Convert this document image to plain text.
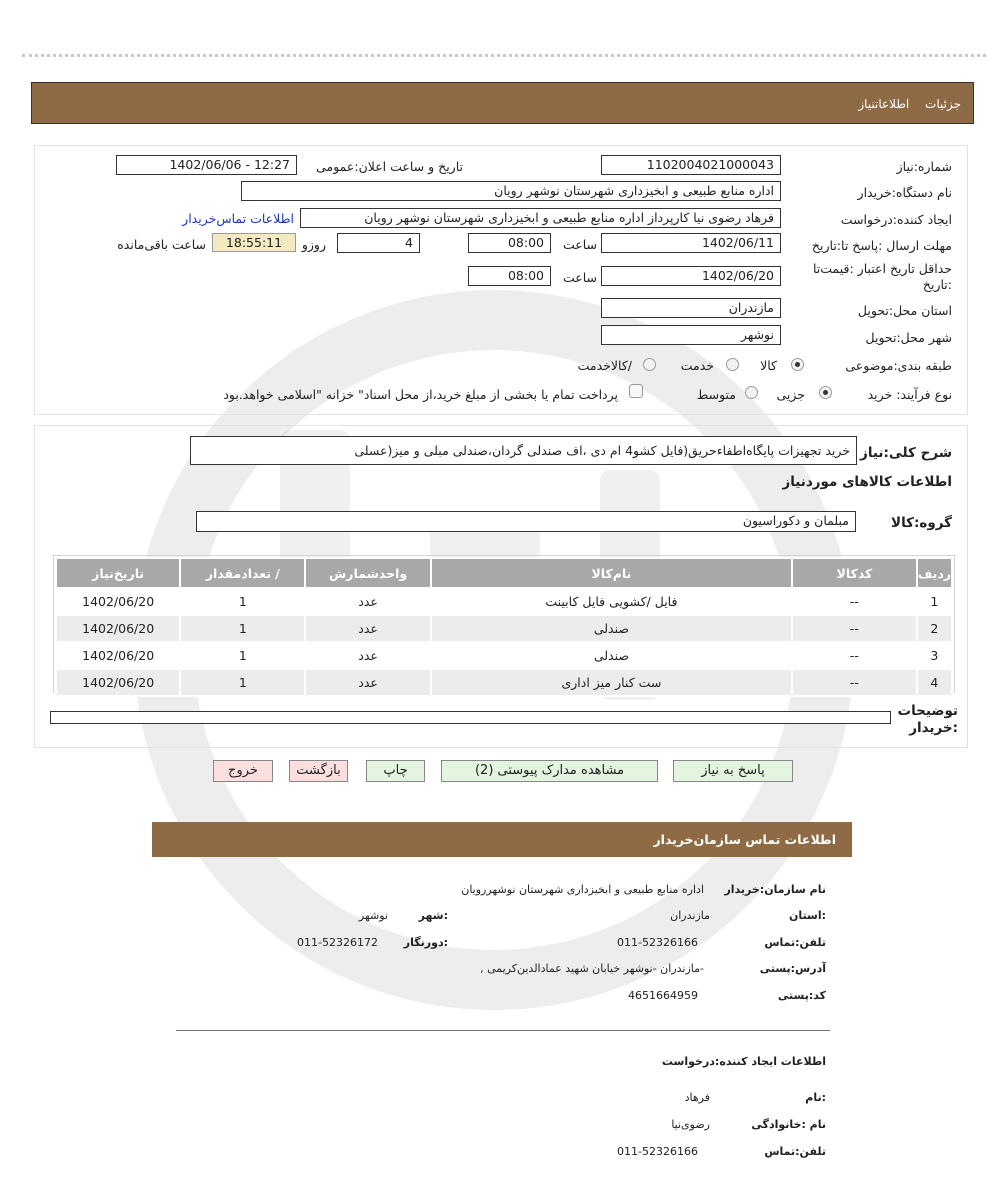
جزئیات اطلاعاتنیاز
شماره:نیاز
1102004021000043
تاریخ و ساعت اعلان:عمومی
1402/06/06 - 12:27
نام دستگاه:خریدار
اداره منابع طبیعی و ابخیزداری شهرستان نوشهر رویان
ایجاد کننده:درخواست
فرهاد رضوی نیا کارپرداز اداره منابع طبیعی و ابخیزداری شهرستان نوشهر رویان
اطلاعات تماس‌خریدار
مهلت ارسال :پاسخ تا:تاریخ
1402/06/11
ساعت
08:00
4
روزو
18:55:11
ساعت باقی‌مانده
حداقل تاریخ اعتبار :قیمت‌تا :تاریخ
1402/06/20
ساعت
08:00
استان محل:تحویل
مازندران
شهر محل:تحویل
نوشهر
طبقه بندی:موضوعی
کالا
خدمت
/کالاخدمت
نوع فرآیند: خرید
جزیی
متوسط
پرداخت تمام یا بخشی از مبلغ خرید،از محل اسناد" خزانه "اسلامی خواهد.بود
شرح کلی:نیاز
خرید تجهیزات پایگاه‌اطفاءحریق(فایل کشو4 ام دی ،اف صندلی گردان،صندلی مبلی و میز(عسلی
اطلاعات کالاهای موردنیاز
گروه:کالا
مبلمان و دکوراسیون
ردیف	کدکالا	نام‌کالا	واحدشمارش	/ تعدادمقدار	تاریخ‌نیاز
1	--	فایل /کشویی فایل کابینت	عدد	1	1402/06/20
2	--	صندلی	عدد	1	1402/06/20
3	--	صندلی	عدد	1	1402/06/20
4	--	ست کنار میز اداری	عدد	1	1402/06/20
توضیحات :خریدار
پاسخ به نیاز
مشاهده مدارک پیوستی (2)
چاپ
بازگشت
خروج
اطلاعات تماس سازمان‌خریدار
نام سازمان:خریدار
اداره منابع طبیعی و ابخیزداری شهرستان نوشهررویان
:استان
مازندران
:شهر
نوشهر
تلفن:تماس
011-52326166
:دورنگار
011-52326172
آدرس:پستی
-مازندران -نوشهر خیابان شهید عمادالدین‌کریمی ,
کد:پستی
4651664959
اطلاعات ایجاد کننده:درخواست
:نام
فرهاد
نام :خانوادگی
رضوی‌نیا
تلفن:تماس
011-52326166
